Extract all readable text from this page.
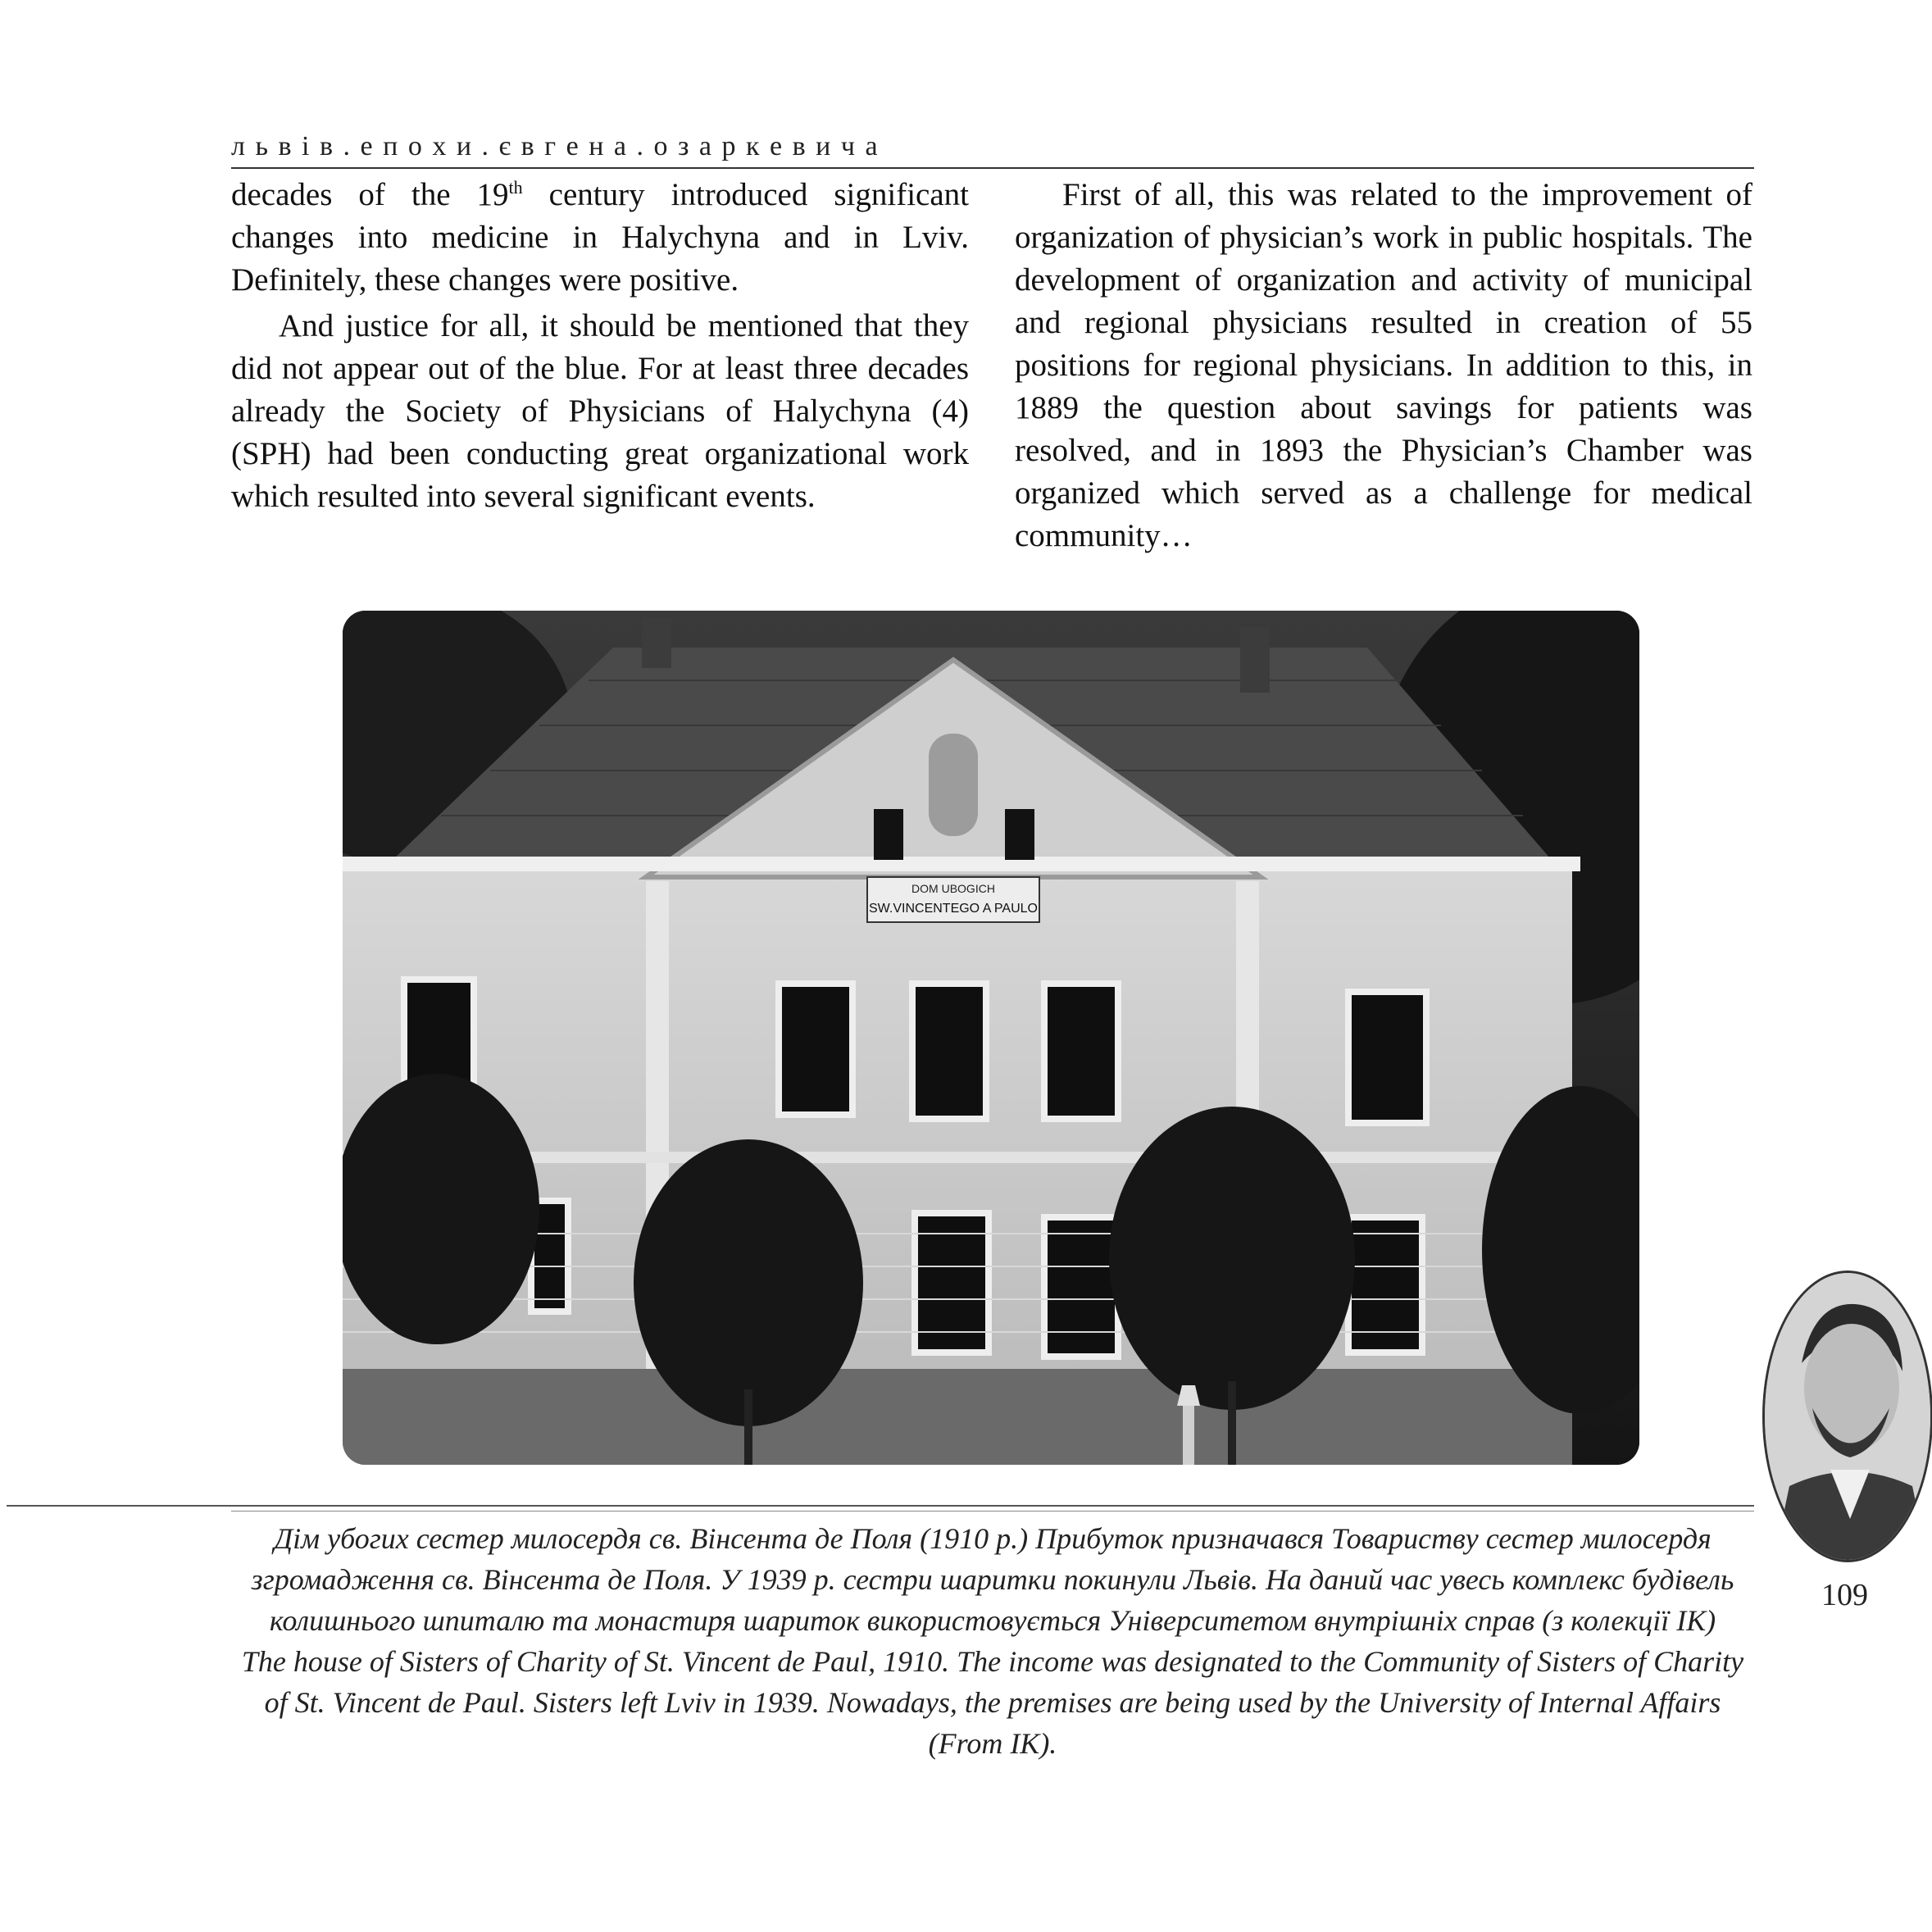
л ь в і в . е п о х и . є в г е н а . о з а р к е в и ч а

decades of the 19th century introduced significant changes into medicine in Halychyna and in Lviv. Definitely, these changes were positive.

And justice for all, it should be mentioned that they did not appear out of the blue. For at least three decades already the Society of Physicians of Halychyna (4) (SPH) had been conducting great organizational work which resulted into several significant events.

First of all, this was related to the improvement of organization of physician’s work in public hospitals. The development of organization and activity of municipal and regional physicians resulted in creation of 55 positions for regional physicians. In addition to this, in 1889 the question about savings for patients was resolved, and in 1893 the Physician’s Chamber was organized which served as a challenge for medical community…

DOM UBOGICH
SW.VINCENTEGO A PAULO

Дім убогих сестер милосердя св. Вінсента де Поля (1910 р.) Прибуток призначався Товариству сестер милосердя згромадження св. Вінсента де Поля. У 1939 р. сестри шаритки покинули Львів. На даний час увесь комплекс будівель колишнього шпиталю та монастиря шариток використовується Університетом внутрішніх справ (з колекції ІК)

The house of Sisters of Charity of St. Vincent de Paul, 1910. The income was designated to the Community of Sisters of Charity of St. Vincent de Paul. Sisters left Lviv in 1939. Nowadays, the premises are being used by the University of Internal Affairs (From IK).

109
